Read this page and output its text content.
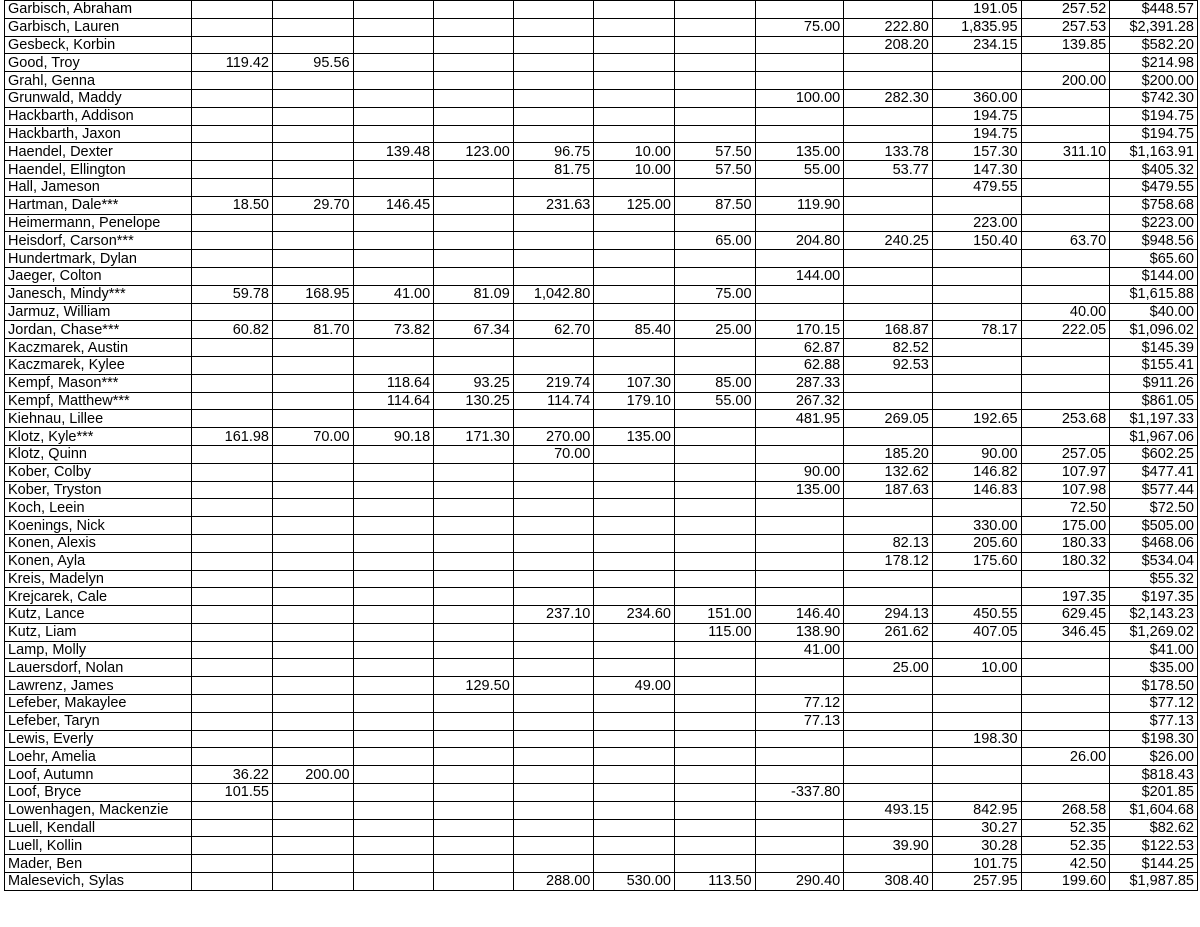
Garbisch, Abraham										191.05	257.52	$448.57
Garbisch, Lauren								75.00	222.80	1,835.95	257.53	$2,391.28
Gesbeck, Korbin									208.20	234.15	139.85	$582.20
Good, Troy	119.42	95.56										$214.98
Grahl, Genna											200.00	$200.00
Grunwald, Maddy								100.00	282.30	360.00		$742.30
Hackbarth, Addison										194.75		$194.75
Hackbarth, Jaxon										194.75		$194.75
Haendel, Dexter			139.48	123.00	96.75	10.00	57.50	135.00	133.78	157.30	311.10	$1,163.91
Haendel, Ellington					81.75	10.00	57.50	55.00	53.77	147.30		$405.32
Hall, Jameson										479.55		$479.55
Hartman, Dale***	18.50	29.70	146.45		231.63	125.00	87.50	119.90				$758.68
Heimermann, Penelope										223.00		$223.00
Heisdorf, Carson***							65.00	204.80	240.25	150.40	63.70	$948.56
Hundertmark, Dylan												$65.60
Jaeger, Colton								144.00				$144.00
Janesch, Mindy***	59.78	168.95	41.00	81.09	1,042.80		75.00					$1,615.88
Jarmuz, William											40.00	$40.00
Jordan, Chase***	60.82	81.70	73.82	67.34	62.70	85.40	25.00	170.15	168.87	78.17	222.05	$1,096.02
Kaczmarek, Austin								62.87	82.52			$145.39
Kaczmarek, Kylee								62.88	92.53			$155.41
Kempf, Mason***			118.64	93.25	219.74	107.30	85.00	287.33				$911.26
Kempf, Matthew***			114.64	130.25	114.74	179.10	55.00	267.32				$861.05
Kiehnau, Lillee								481.95	269.05	192.65	253.68	$1,197.33
Klotz, Kyle***	161.98	70.00	90.18	171.30	270.00	135.00						$1,967.06
Klotz, Quinn					70.00				185.20	90.00	257.05	$602.25
Kober, Colby								90.00	132.62	146.82	107.97	$477.41
Kober, Tryston								135.00	187.63	146.83	107.98	$577.44
Koch, Leein											72.50	$72.50
Koenings, Nick										330.00	175.00	$505.00
Konen, Alexis									82.13	205.60	180.33	$468.06
Konen, Ayla									178.12	175.60	180.32	$534.04
Kreis, Madelyn												$55.32
Krejcarek, Cale											197.35	$197.35
Kutz, Lance					237.10	234.60	151.00	146.40	294.13	450.55	629.45	$2,143.23
Kutz, Liam							115.00	138.90	261.62	407.05	346.45	$1,269.02
Lamp, Molly								41.00				$41.00
Lauersdorf, Nolan									25.00	10.00		$35.00
Lawrenz, James				129.50		49.00						$178.50
Lefeber, Makaylee								77.12				$77.12
Lefeber, Taryn								77.13				$77.13
Lewis, Everly										198.30		$198.30
Loehr, Amelia											26.00	$26.00
Loof, Autumn	36.22	200.00										$818.43
Loof, Bryce	101.55							-337.80				$201.85
Lowenhagen, Mackenzie									493.15	842.95	268.58	$1,604.68
Luell, Kendall										30.27	52.35	$82.62
Luell, Kollin									39.90	30.28	52.35	$122.53
Mader, Ben										101.75	42.50	$144.25
Malesevich, Sylas					288.00	530.00	113.50	290.40	308.40	257.95	199.60	$1,987.85
